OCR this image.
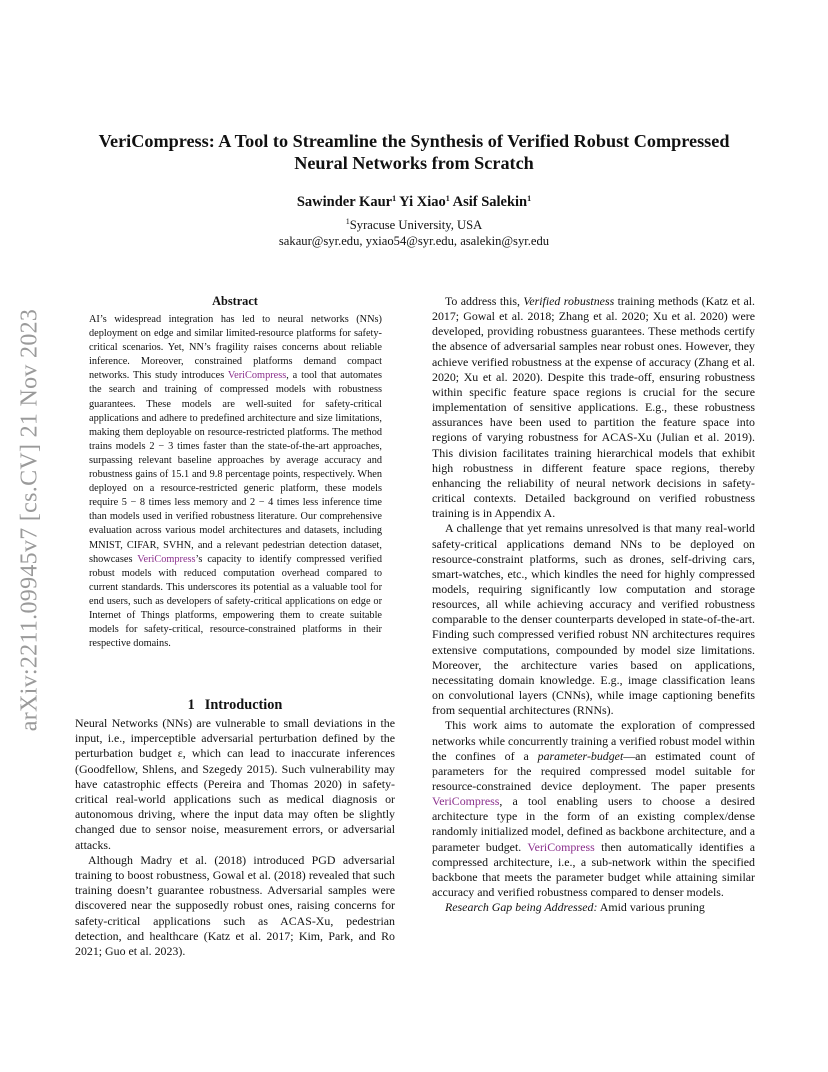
arXiv:2211.09945v7 [cs.CV] 21 Nov 2023
VeriCompress: A Tool to Streamline the Synthesis of Verified Robust Compressed Neural Networks from Scratch
Sawinder Kaur$^1$ Yi Xiao$^1$ Asif Salekin$^1$
$^1$Syracuse University, USA
sakaur@syr.edu, yxiao54@syr.edu, asalekin@syr.edu
Abstract

AI’s widespread integration has led to neural networks (NNs) deployment on edge and similar limited-resource platforms for safety-critical scenarios. Yet, NN’s fragility raises concerns about reliable inference. Moreover, constrained platforms demand compact networks. This study introduces VeriCompress, a tool that automates the search and training of compressed models with robustness guarantees. These models are well-suited for safety-critical applications and adhere to predefined architecture and size limitations, making them deployable on resource-restricted platforms. The method trains models 2 − 3 times faster than the state-of-the-art approaches, surpassing relevant baseline approaches by average accuracy and robustness gains of 15.1 and 9.8 percentage points, respectively. When deployed on a resource-restricted generic platform, these models require 5 − 8 times less memory and 2 − 4 times less inference time than models used in verified robustness literature. Our comprehensive evaluation across various model architectures and datasets, including MNIST, CIFAR, SVHN, and a relevant pedestrian detection dataset, showcases VeriCompress’s capacity to identify compressed verified robust models with reduced computation overhead compared to current standards. This underscores its potential as a valuable tool for end users, such as developers of safety-critical applications on edge or Internet of Things platforms, empowering them to create suitable models for safety-critical, resource-constrained platforms in their respective domains.

1 Introduction

Neural Networks (NNs) are vulnerable to small deviations in the input, i.e., imperceptible adversarial perturbation defined by the perturbation budget ε, which can lead to inaccurate inferences (Goodfellow, Shlens, and Szegedy 2015). Such vulnerability may have catastrophic effects (Pereira and Thomas 2020) in safety-critical real-world applications such as medical diagnosis or autonomous driving, where the input data may often be slightly changed due to sensor noise, measurement errors, or adversarial attacks.

Although Madry et al. (2018) introduced PGD adversarial training to boost robustness, Gowal et al. (2018) revealed that such training doesn’t guarantee robustness. Adversarial samples were discovered near the supposedly robust ones, raising concerns for safety-critical applications such as ACAS-Xu, pedestrian detection, and healthcare (Katz et al. 2017; Kim, Park, and Ro 2021; Guo et al. 2023).

To address this, Verified robustness training methods (Katz et al. 2017; Gowal et al. 2018; Zhang et al. 2020; Xu et al. 2020) were developed, providing robustness guarantees. These methods certify the absence of adversarial samples near robust ones. However, they achieve verified robustness at the expense of accuracy (Zhang et al. 2020; Xu et al. 2020). Despite this trade-off, ensuring robustness within specific feature space regions is crucial for the secure implementation of sensitive applications. E.g., these robustness assurances have been used to partition the feature space into regions of varying robustness for ACAS-Xu (Julian et al. 2019). This division facilitates training hierarchical models that exhibit high robustness in different feature space regions, thereby enhancing the reliability of neural network decisions in safety-critical contexts. Detailed background on verified robustness training is in Appendix A.

A challenge that yet remains unresolved is that many real-world safety-critical applications demand NNs to be deployed on resource-constraint platforms, such as drones, self-driving cars, smart-watches, etc., which kindles the need for highly compressed models, requiring significantly low computation and storage resources, all while achieving accuracy and verified robustness comparable to the denser counterparts developed in state-of-the-art. Finding such compressed verified robust NN architectures requires extensive computations, compounded by model size limitations. Moreover, the architecture varies based on applications, necessitating domain knowledge. E.g., image classification leans on convolutional layers (CNNs), while image captioning benefits from sequential architectures (RNNs).

This work aims to automate the exploration of compressed networks while concurrently training a verified robust model within the confines of a parameter-budget—an estimated count of parameters for the required compressed model suitable for resource-constrained device deployment. The paper presents VeriCompress, a tool enabling users to choose a desired architecture type in the form of an existing complex/dense randomly initialized model, defined as backbone architecture, and a parameter budget. VeriCompress then automatically identifies a compressed architecture, i.e., a sub-network within the specified backbone that meets the parameter budget while attaining similar accuracy and verified robustness compared to denser models.

Research Gap being Addressed: Amid various pruning
